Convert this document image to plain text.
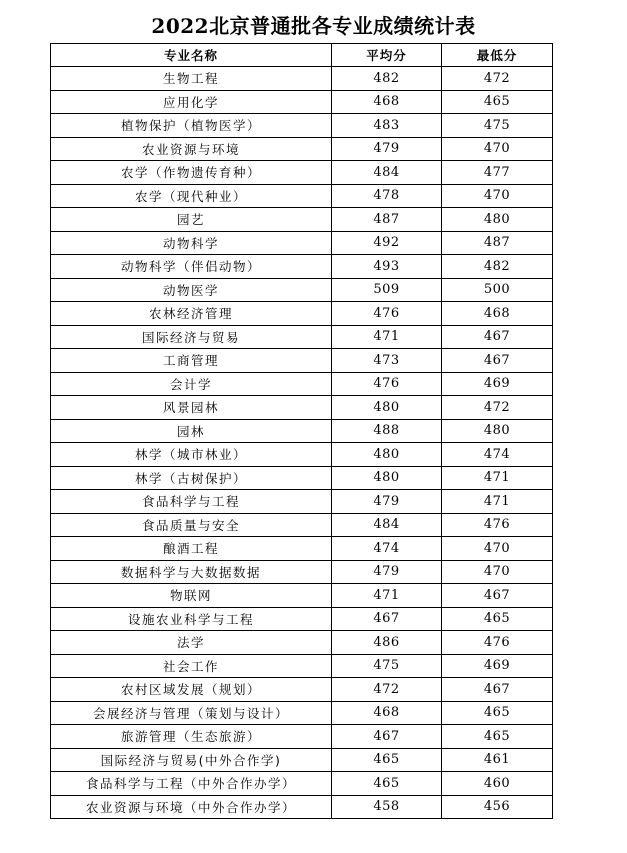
2022北京普通批各专业成绩统计表
专业名称	平均分	最低分
生物工程	482	472
应用化学	468	465
植物保护（植物医学）	483	475
农业资源与环境	479	470
农学（作物遗传育种）	484	477
农学（现代种业）	478	470
园艺	487	480
动物科学	492	487
动物科学（伴侣动物）	493	482
动物医学	509	500
农林经济管理	476	468
国际经济与贸易	471	467
工商管理	473	467
会计学	476	469
风景园林	480	472
园林	488	480
林学（城市林业）	480	474
林学（古树保护）	480	471
食品科学与工程	479	471
食品质量与安全	484	476
酿酒工程	474	470
数据科学与大数据数据	479	470
物联网	471	467
设施农业科学与工程	467	465
法学	486	476
社会工作	475	469
农村区域发展（规划）	472	467
会展经济与管理（策划与设计）	468	465
旅游管理（生态旅游）	467	465
国际经济与贸易(中外合作学)	465	461
食品科学与工程（中外合作办学）	465	460
农业资源与环境（中外合作办学）	458	456
